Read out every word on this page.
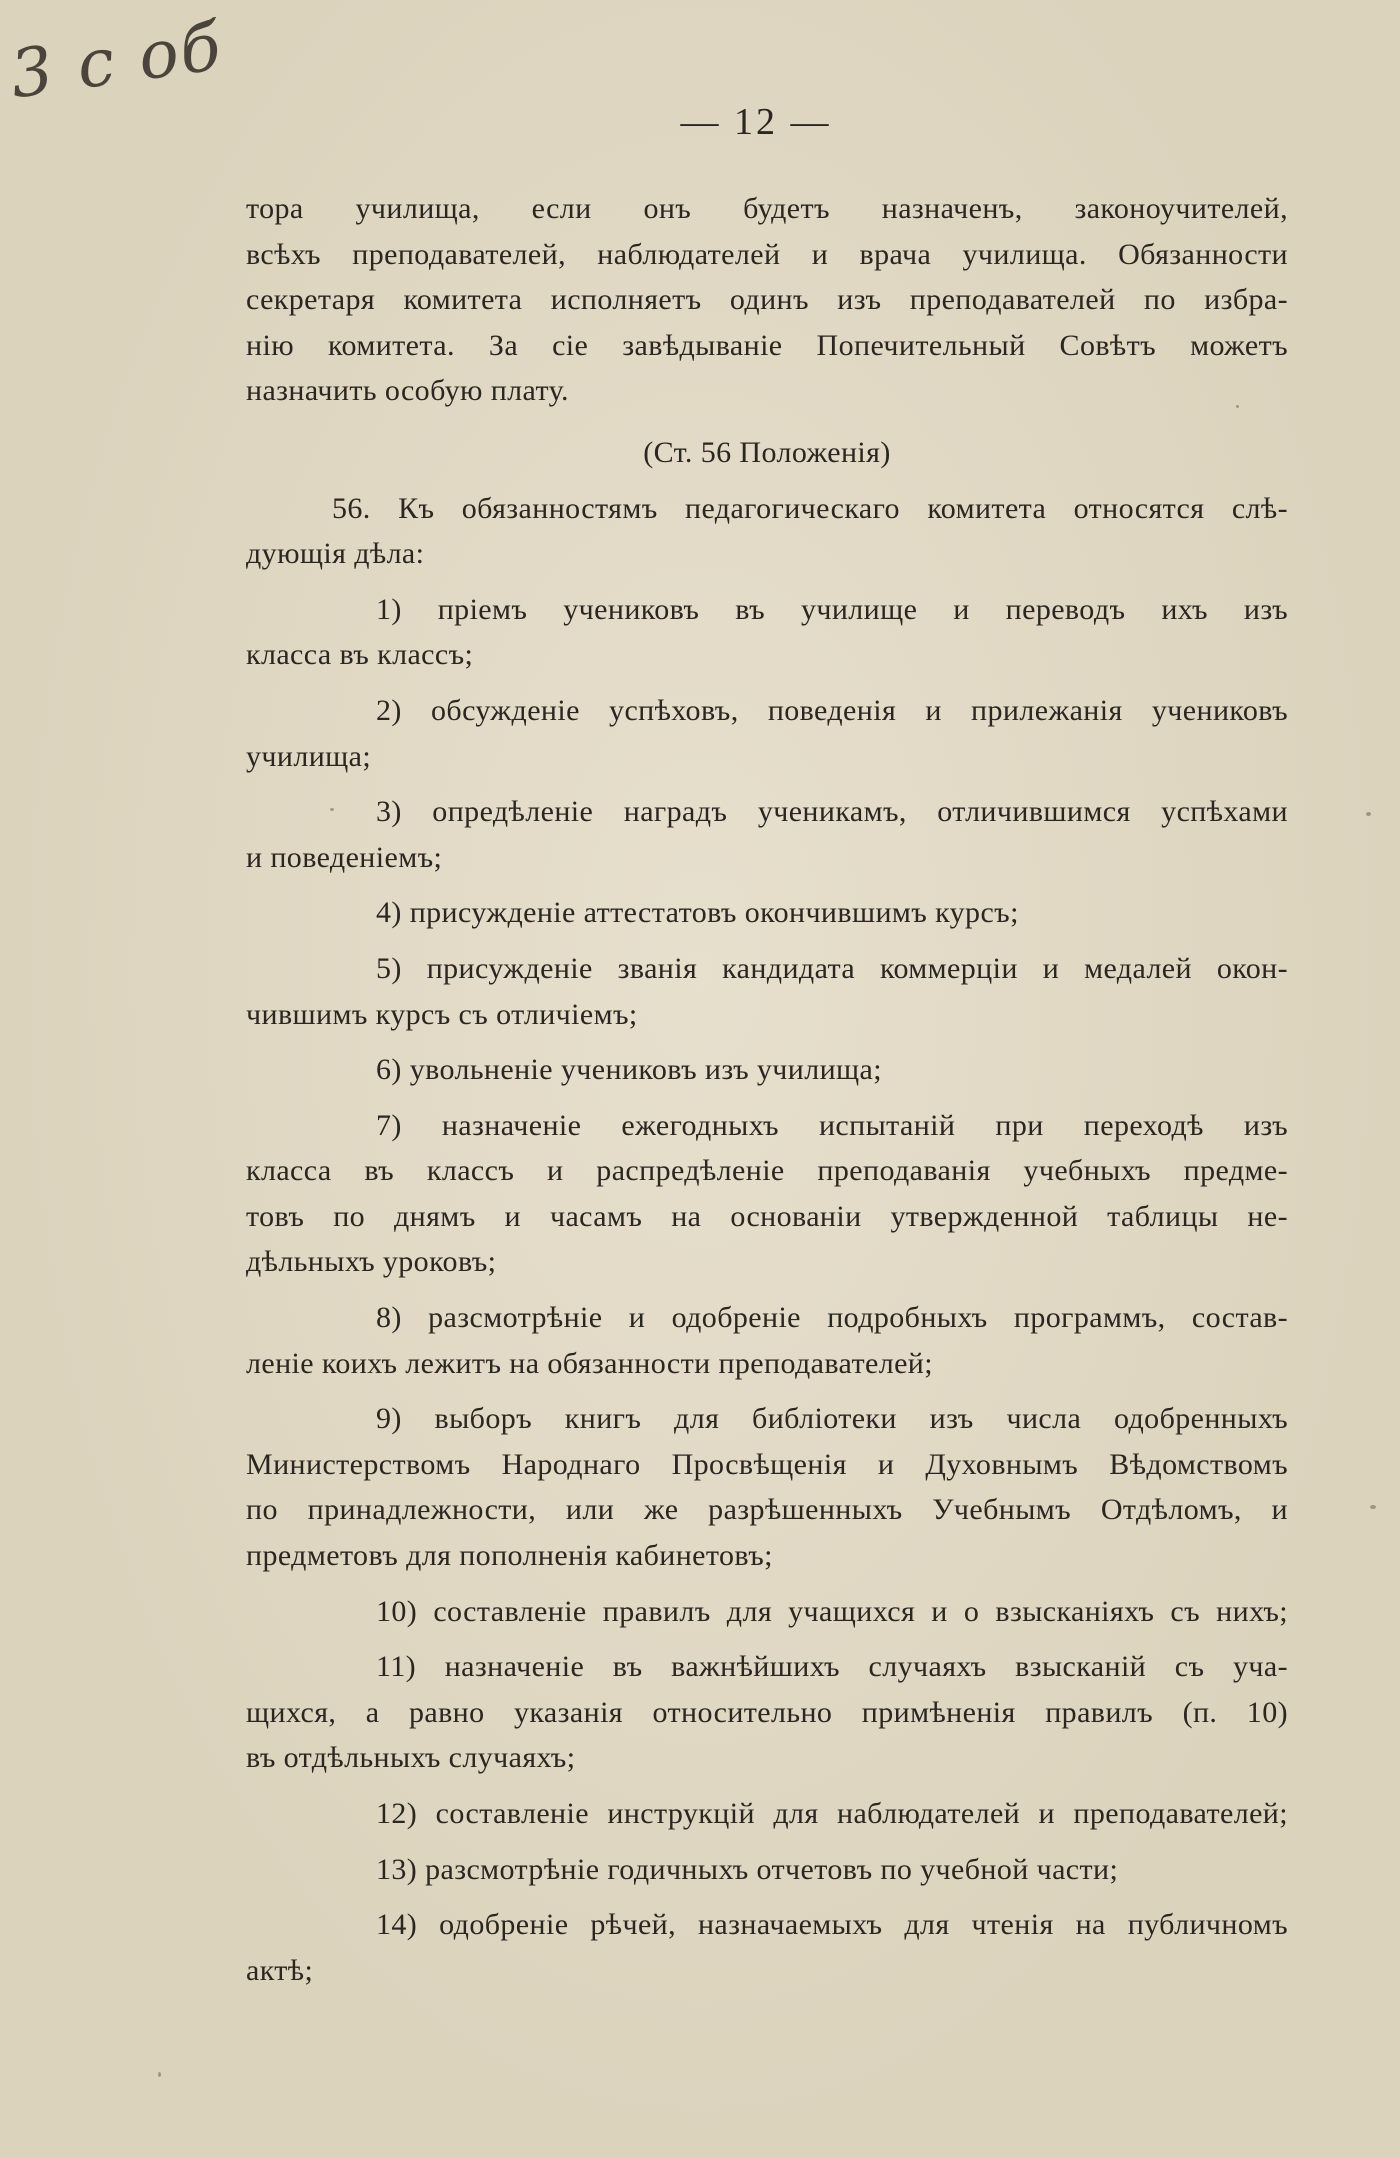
3 с об
— 12 —
тора училища, если онъ будетъ назначенъ, законоучителей,
всѣхъ преподавателей, наблюдателей и врача училища. Обязанности
секретаря комитета исполняетъ одинъ изъ преподавателей по избра-
нію комитета. За сіе завѣдываніе Попечительный Совѣтъ можетъ
назначить особую плату.
(Ст. 56 Положенія)
56. Къ обязанностямъ педагогическаго комитета относятся слѣ-
дующія дѣла:
1) пріемъ учениковъ въ училище и переводъ ихъ изъ
класса въ классъ;
2) обсужденіе успѣховъ, поведенія и прилежанія учениковъ
училища;
3) опредѣленіе наградъ ученикамъ, отличившимся успѣхами
и поведеніемъ;
4) присужденіе аттестатовъ окончившимъ курсъ;
5) присужденіе званія кандидата коммерціи и медалей окон-
чившимъ курсъ съ отличіемъ;
6) увольненіе учениковъ изъ училища;
7) назначеніе ежегодныхъ испытаній при переходѣ изъ
класса въ классъ и распредѣленіе преподаванія учебныхъ предме-
товъ по днямъ и часамъ на основаніи утвержденной таблицы не-
дѣльныхъ уроковъ;
8) разсмотрѣніе и одобреніе подробныхъ программъ, состав-
леніе коихъ лежитъ на обязанности преподавателей;
9) выборъ книгъ для библіотеки изъ числа одобренныхъ
Министерствомъ Народнаго Просвѣщенія и Духовнымъ Вѣдомствомъ
по принадлежности, или же разрѣшенныхъ Учебнымъ Отдѣломъ, и
предметовъ для пополненія кабинетовъ;
10) составленіе правилъ для учащихся и о взысканіяхъ съ нихъ;
11) назначеніе въ важнѣйшихъ случаяхъ взысканій съ уча-
щихся, а равно указанія относительно примѣненія правилъ (п. 10)
въ отдѣльныхъ случаяхъ;
12) составленіе инструкцій для наблюдателей и преподавателей;
13) разсмотрѣніе годичныхъ отчетовъ по учебной части;
14) одобреніе рѣчей, назначаемыхъ для чтенія на публичномъ
актѣ;
